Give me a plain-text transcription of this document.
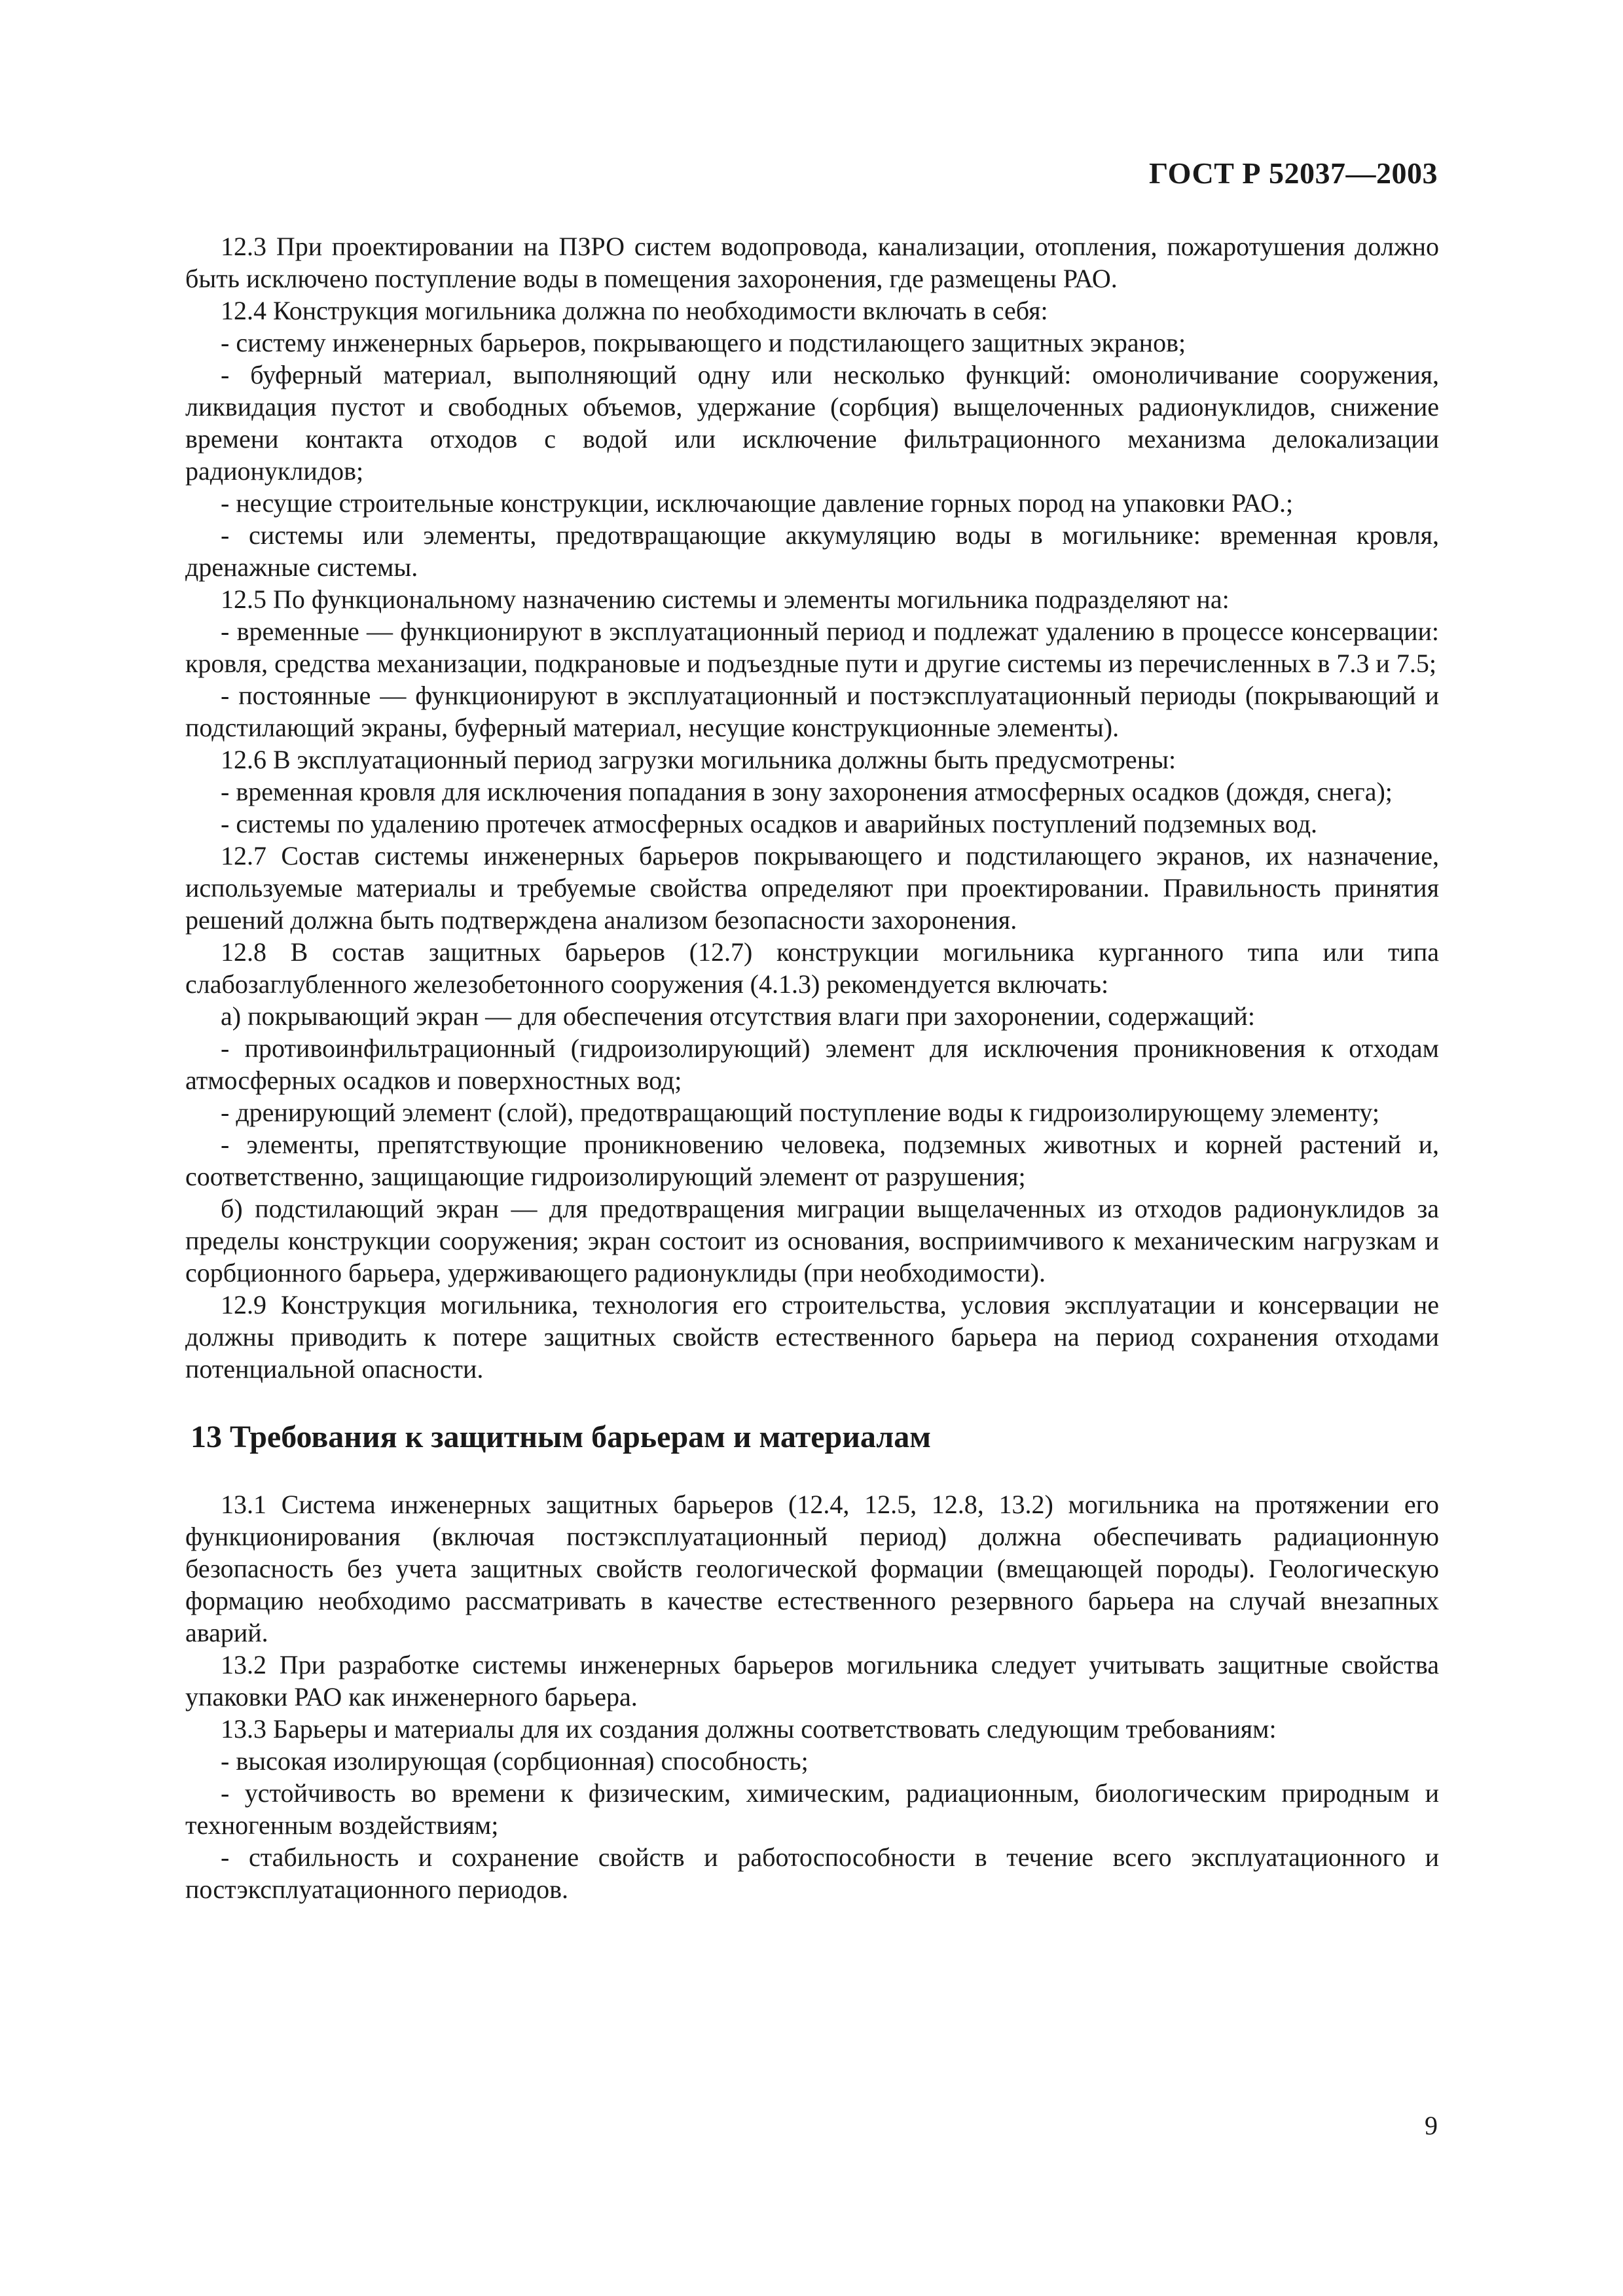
ГОСТ Р 52037—2003

12.3 При проектировании на ПЗРО систем водопровода, канализации, отопления, пожаротушения должно быть исключено поступление воды в помещения захоронения, где размещены РАО.

12.4 Конструкция могильника должна по необходимости включать в себя:

- систему инженерных барьеров, покрывающего и подстилающего защитных экранов;

- буферный материал, выполняющий одну или несколько функций: омоноличивание сооружения, ликвидация пустот и свободных объемов, удержание (сорбция) выщелоченных радионуклидов, снижение времени контакта отходов с водой или исключение фильтрационного механизма делокализации радионуклидов;

- несущие строительные конструкции, исключающие давление горных пород на упаковки РАО.;

- системы или элементы, предотвращающие аккумуляцию воды в могильнике: временная кровля, дренажные системы.

12.5 По функциональному назначению системы и элементы могильника подразделяют на:

- временные — функционируют в эксплуатационный период и подлежат удалению в процессе консервации: кровля, средства механизации, подкрановые и подъездные пути и другие системы из перечисленных в 7.3 и 7.5;

- постоянные — функционируют в эксплуатационный и постэксплуатационный периоды (покрывающий и подстилающий экраны, буферный материал, несущие конструкционные элементы).

12.6 В эксплуатационный период загрузки могильника должны быть предусмотрены:

- временная кровля для исключения попадания в зону захоронения атмосферных осадков (дождя, снега);

- системы по удалению протечек атмосферных осадков и аварийных поступлений подземных вод.

12.7 Состав системы инженерных барьеров покрывающего и подстилающего экранов, их назначение, используемые материалы и требуемые свойства определяют при проектировании. Правильность принятия решений должна быть подтверждена анализом безопасности захоронения.

12.8 В состав защитных барьеров (12.7) конструкции могильника курганного типа или типа слабозаглубленного железобетонного сооружения (4.1.3) рекомендуется включать:

а) покрывающий экран — для обеспечения отсутствия влаги при захоронении, содержащий:

- противоинфильтрационный (гидроизолирующий) элемент для исключения проникновения к отходам атмосферных осадков и поверхностных вод;

- дренирующий элемент (слой), предотвращающий поступление воды к гидроизолирующему элементу;

- элементы, препятствующие проникновению человека, подземных животных и корней растений и, соответственно, защищающие гидроизолирующий элемент от разрушения;

б) подстилающий экран — для предотвращения миграции выщелаченных из отходов радионуклидов за пределы конструкции сооружения; экран состоит из основания, восприимчивого к механическим нагрузкам и сорбционного барьера, удерживающего радионуклиды (при необходимости).

12.9 Конструкция могильника, технология его строительства, условия эксплуатации и консервации не должны приводить к потере защитных свойств естественного барьера на период сохранения отходами потенциальной опасности.

13 Требования к защитным барьерам и материалам

13.1 Система инженерных защитных барьеров (12.4, 12.5, 12.8, 13.2) могильника на протяжении его функционирования (включая постэксплуатационный период) должна обеспечивать радиационную безопасность без учета защитных свойств геологической формации (вмещающей породы). Геологическую формацию необходимо рассматривать в качестве естественного резервного барьера на случай внезапных аварий.

13.2 При разработке системы инженерных барьеров могильника следует учитывать защитные свойства упаковки РАО как инженерного барьера.

13.3 Барьеры и материалы для их создания должны соответствовать следующим требованиям:

- высокая изолирующая (сорбционная) способность;

- устойчивость во времени к физическим, химическим, радиационным, биологическим природным и техногенным воздействиям;

- стабильность и сохранение свойств и работоспособности в течение всего эксплуатационного и постэксплуатационного периодов.

9
